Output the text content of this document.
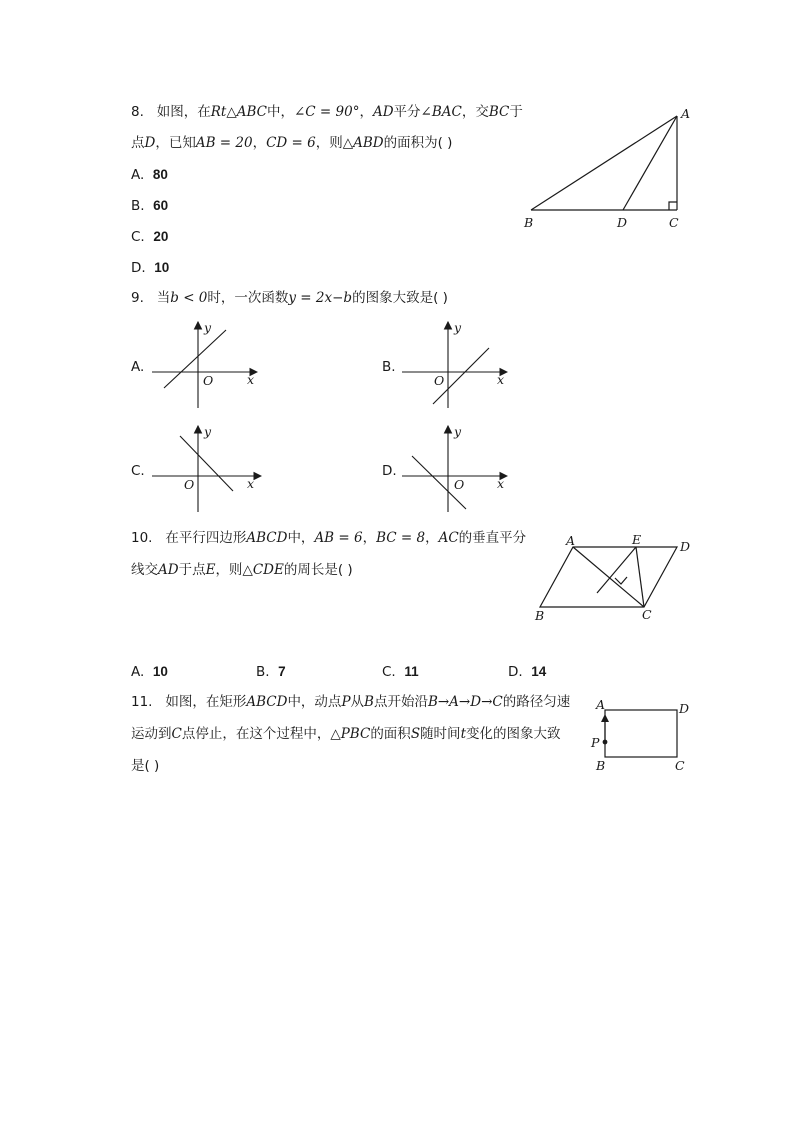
8. 如图，在Rt△ABC中，∠C = 90°，AD平分∠BAC，交BC于
点D，已知AB = 20，CD = 6，则△ABD的面积为( )
A. 80
B. 60
C. 20
D. 10
A
B	D	C
9. 当b < 0时，一次函数y = 2x−b的图象大致是( )
A.	B.
C.	D.
y
O	x
y
O	x
y
O	x
y
O	x
10. 在平行四边形ABCD中，AB = 6，BC = 8，AC的垂直平分
线交AD于点E，则△CDE的周长是( )
A	E	D
B	C
A. 10	B. 7	C. 11	D. 14
11. 如图，在矩形ABCD中，动点P从B点开始沿B→A→D→C的路径匀速
运动到C点停止，在这个过程中，△PBC的面积S随时间t变化的图象大致
是( )
A	D
P
B	C
